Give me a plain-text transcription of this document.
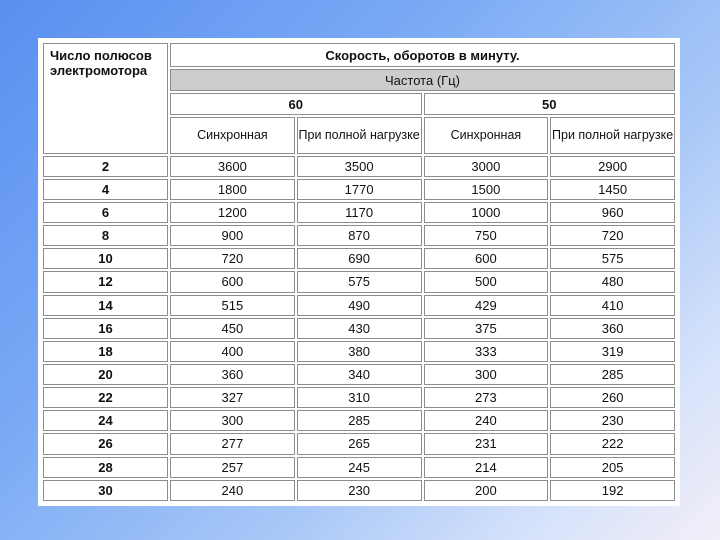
Число полюсов электромотора	Скорость, оборотов в минуту.			
	Частота (Гц)			
	60		50	
	Синхронная	При полной нагрузке	Синхронная	При полной нагрузке
2	3600	3500	3000	2900
4	1800	1770	1500	1450
6	1200	1170	1000	960
8	900	870	750	720
10	720	690	600	575
12	600	575	500	480
14	515	490	429	410
16	450	430	375	360
18	400	380	333	319
20	360	340	300	285
22	327	310	273	260
24	300	285	240	230
26	277	265	231	222
28	257	245	214	205
30	240	230	200	192
